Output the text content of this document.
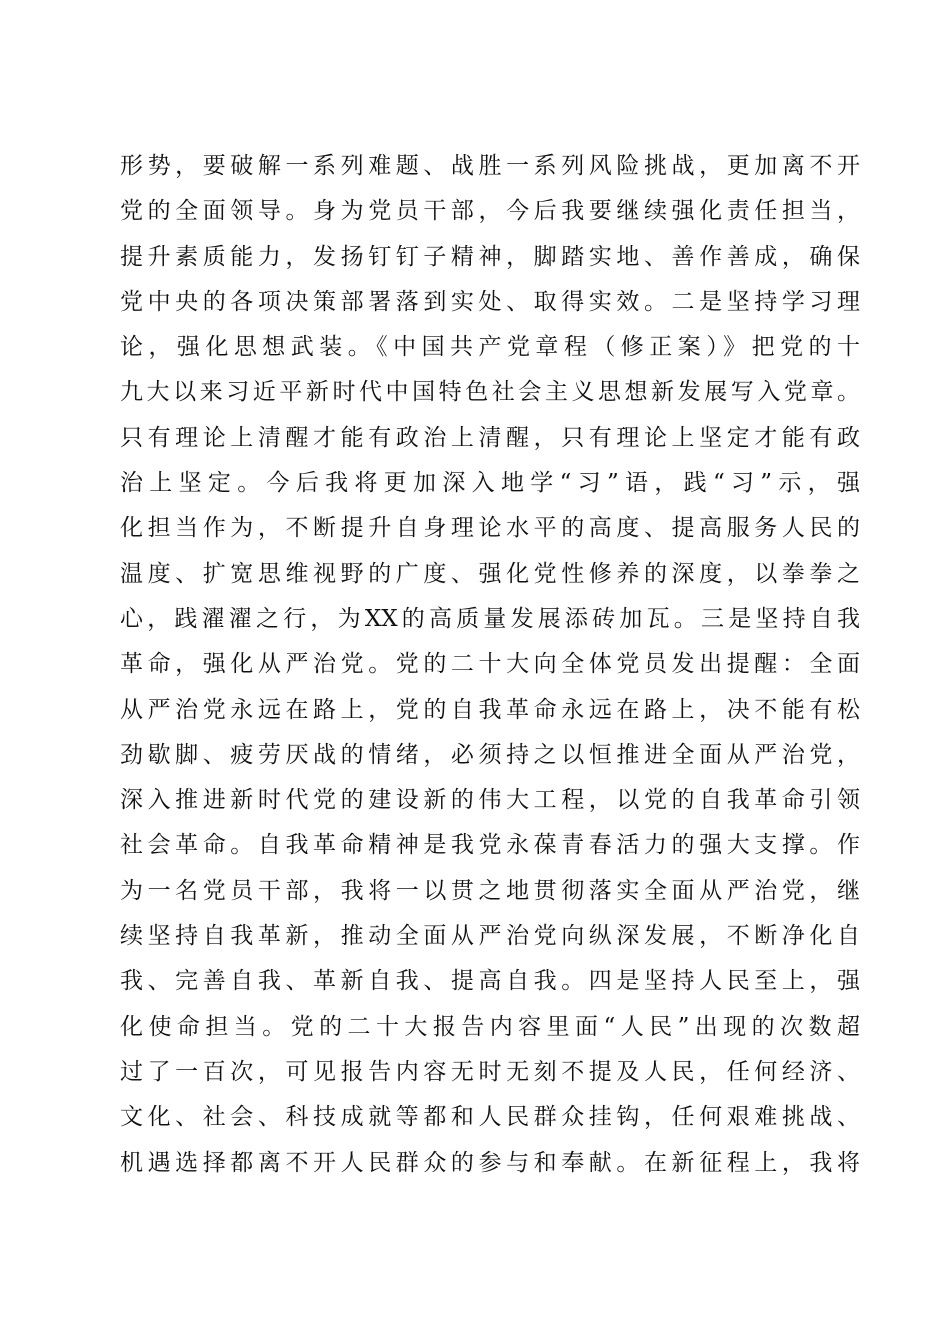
形势，要破解一系列难题、战胜一系列风险挑战，更加离不开
党的全面领导。身为党员干部，今后我要继续强化责任担当，
提升素质能力，发扬钉钉子精神，脚踏实地、善作善成，确保
党中央的各项决策部署落到实处、取得实效。二是坚持学习理
论，强化思想武装。《中国共产党章程（修正案）》把党的十
九大以来习近平新时代中国特色社会主义思想新发展写入党章。
只有理论上清醒才能有政治上清醒，只有理论上坚定才能有政
治上坚定。今后我将更加深入地学“习”语，践“习”示，强
化担当作为，不断提升自身理论水平的高度、提高服务人民的
温度、扩宽思维视野的广度、强化党性修养的深度，以拳拳之
心，践濯濯之行，为XX的高质量发展添砖加瓦。三是坚持自我
革命，强化从严治党。党的二十大向全体党员发出提醒：全面
从严治党永远在路上，党的自我革命永远在路上，决不能有松
劲歇脚、疲劳厌战的情绪，必须持之以恒推进全面从严治党，
深入推进新时代党的建设新的伟大工程，以党的自我革命引领
社会革命。自我革命精神是我党永葆青春活力的强大支撑。作
为一名党员干部，我将一以贯之地贯彻落实全面从严治党，继
续坚持自我革新，推动全面从严治党向纵深发展，不断净化自
我、完善自我、革新自我、提高自我。四是坚持人民至上，强
化使命担当。党的二十大报告内容里面“人民”出现的次数超
过了一百次，可见报告内容无时无刻不提及人民，任何经济、
文化、社会、科技成就等都和人民群众挂钩，任何艰难挑战、
机遇选择都离不开人民群众的参与和奉献。在新征程上，我将
